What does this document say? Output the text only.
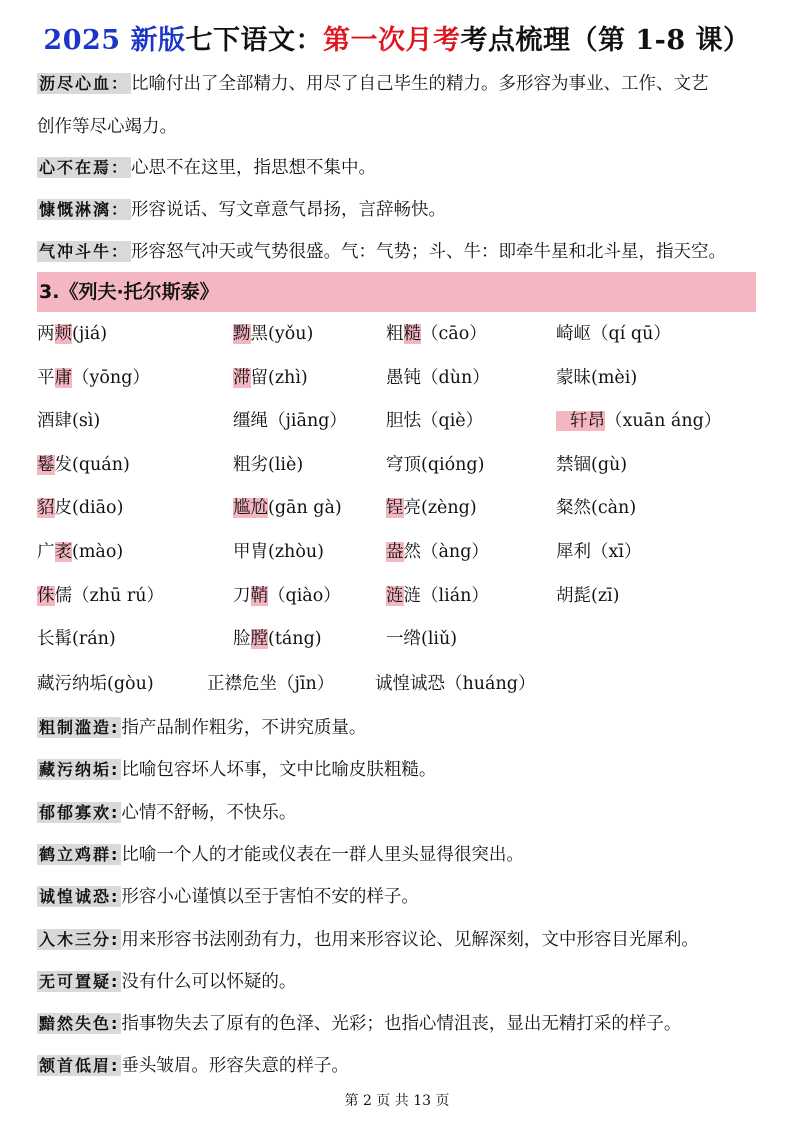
2025 新版七下语文：第一次月考考点梳理（第 1-8 课）
沥尽心血： 比喻付出了全部精力、用尽了自己毕生的精力。多形容为事业、工作、文艺
创作等尽心竭力。
心不在焉： 心思不在这里，指思想不集中。
慷慨淋漓： 形容说话、写文章意气昂扬，言辞畅快。
气冲斗牛： 形容怒气冲天或气势很盛。气：气势；斗、牛：即牵牛星和北斗星，指天空。
3.《列夫·托尔斯泰》
两颊(jiá)	黝黑(yǒu)	粗糙（cāo）	崎岖（qí qū）
平庸（yōng）	滞留(zhì)	愚钝（dùn）	蒙昧(mèi)
酒肆(sì)	缰绳（jiāng） 胆怯（qiè）	轩昂（xuān áng）
鬈发(quán)	粗劣(liè)	穹顶(qióng)	禁锢(gù)
貂皮(diāo)	尴尬(gān gà)	锃亮(zèng)	粲然(càn)
广袤(mào)	甲胄(zhòu)	盎然（àng）	犀利（xī）
侏儒（zhū rú）	刀鞘（qiào）	涟涟（lián）	胡髭(zī)
长髯(rán)	脸膛(táng)	一绺(liǔ)
藏污纳垢(gòu)	正襟危坐（jīn） 诚惶诚恐（huáng）
粗制滥造: 指产品制作粗劣，不讲究质量。
藏污纳垢: 比喻包容坏人坏事，文中比喻皮肤粗糙。
郁郁寡欢: 心情不舒畅，不快乐。
鹤立鸡群: 比喻一个人的才能或仪表在一群人里头显得很突出。
诚惶诚恐: 形容小心谨慎以至于害怕不安的样子。
入木三分: 用来形容书法刚劲有力，也用来形容议论、见解深刻，文中形容目光犀利。
无可置疑: 没有什么可以怀疑的。
黯然失色: 指事物失去了原有的色泽、光彩；也指心情沮丧，显出无精打采的样子。
颔首低眉: 垂头皱眉。形容失意的样子。
第 2 页 共 13 页
